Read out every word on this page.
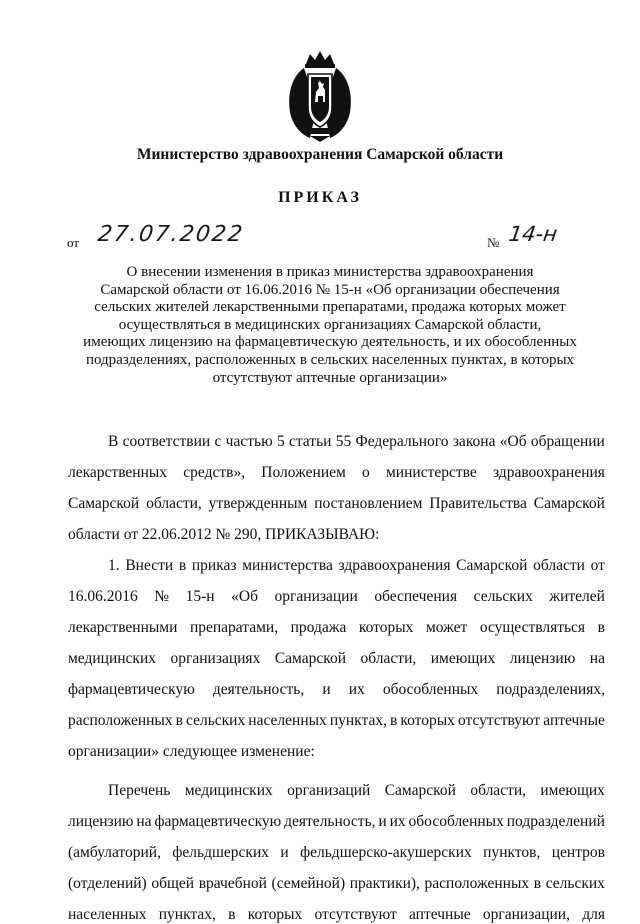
Министерство здравоохранения Самарской области
ПРИКАЗ
от 27.07.2022	№ 14-н
О внесении изменения в приказ министерства здравоохранения
Самарской области от 16.06.2016 № 15-н «Об организации обеспечения
сельских жителей лекарственными препаратами, продажа которых может
осуществляться в медицинских организациях Самарской области,
имеющих лицензию на фармацевтическую деятельность, и их обособленных
подразделениях, расположенных в сельских населенных пунктах, в которых
отсутствуют аптечные организации»
В соответствии с частью 5 статьи 55 Федерального закона «Об обращении
лекарственных средств», Положением о министерстве здравоохранения
Самарской области, утвержденным постановлением Правительства Самарской
области от 22.06.2012 № 290, ПРИКАЗЫВАЮ:
1. Внести в приказ министерства здравоохранения Самарской области от
16.06.2016 № 15-н «Об организации обеспечения сельских жителей
лекарственными препаратами, продажа которых может осуществляться в
медицинских организациях Самарской области, имеющих лицензию на
фармацевтическую деятельность, и их обособленных подразделениях,
расположенных в сельских населенных пунктах, в которых отсутствуют аптечные
организации» следующее изменение:
Перечень медицинских организаций Самарской области, имеющих
лицензию на фармацевтическую деятельность, и их обособленных подразделений
(амбулаторий, фельдшерских и фельдшерско-акушерских пунктов, центров
(отделений) общей врачебной (семейной) практики), расположенных в сельских
населенных пунктах, в которых отсутствуют аптечные организации, для
